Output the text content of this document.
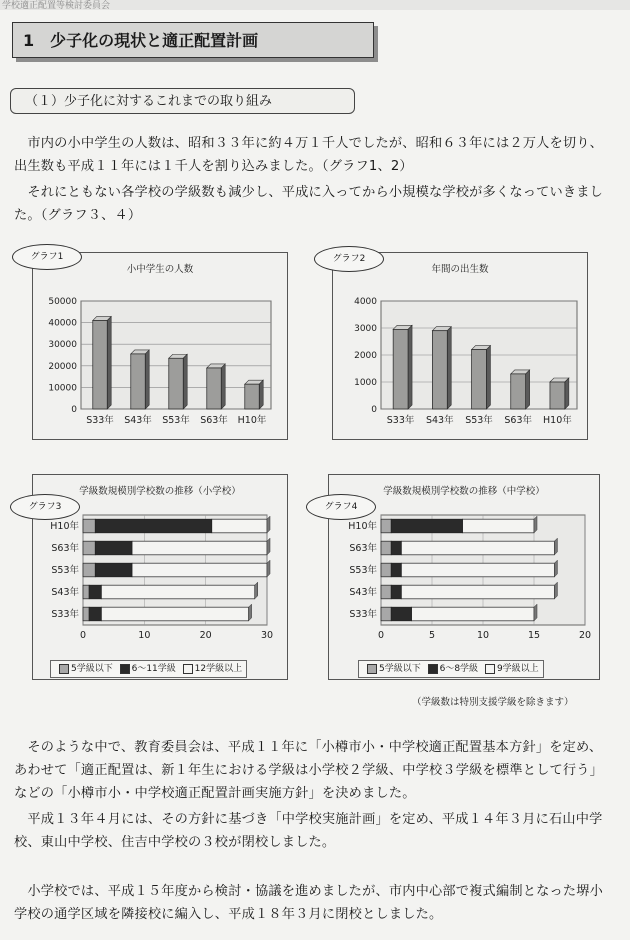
学校適正配置等検討委員会
1　少子化の現状と適正配置計画
（１）少子化に対するこれまでの取り組み

　市内の小中学生の人数は、昭和３３年に約４万１千人でしたが、昭和６３年には２万人を切り、出生数も平成１１年には１千人を割り込みました。（グラフ1、2）

　それにともない各学校の学級数も減少し、平成に入ってから小規模な学校が多くなっていきました。（グラフ３、４）

小中学生の人数
0
10000
20000
30000
40000
50000
S33年 S43年 S53年 S63年 H10年
グラフ1
年間の出生数
0
1000
2000
3000
4000
S33年 S43年 S53年 S63年 H10年
グラフ2
学級数規模別学校数の推移（小学校）
0	10	20	30
H10年
S63年
S53年
S43年
S33年
グラフ3
5学級以下 6〜11学級 12学級以上
学級数規模別学校数の推移（中学校）
0	5	10	15	20
H10年
S63年
S53年
S43年
S33年
グラフ4
5学級以下 6〜8学級 9学級以上
（学級数は特別支援学級を除きます）

　そのような中で、教育委員会は、平成１１年に「小樽市小・中学校適正配置基本方針」を定め、あわせて「適正配置は、新１年生における学級は小学校２学級、中学校３学級を標準として行う」などの「小樽市小・中学校適正配置計画実施方針」を決めました。

　平成１３年４月には、その方針に基づき「中学校実施計画」を定め、平成１４年３月に石山中学校、東山中学校、住吉中学校の３校が閉校しました。

　小学校では、平成１５年度から検討・協議を進めましたが、市内中心部で複式編制となった堺小学校の通学区域を隣接校に編入し、平成１８年３月に閉校としました。
